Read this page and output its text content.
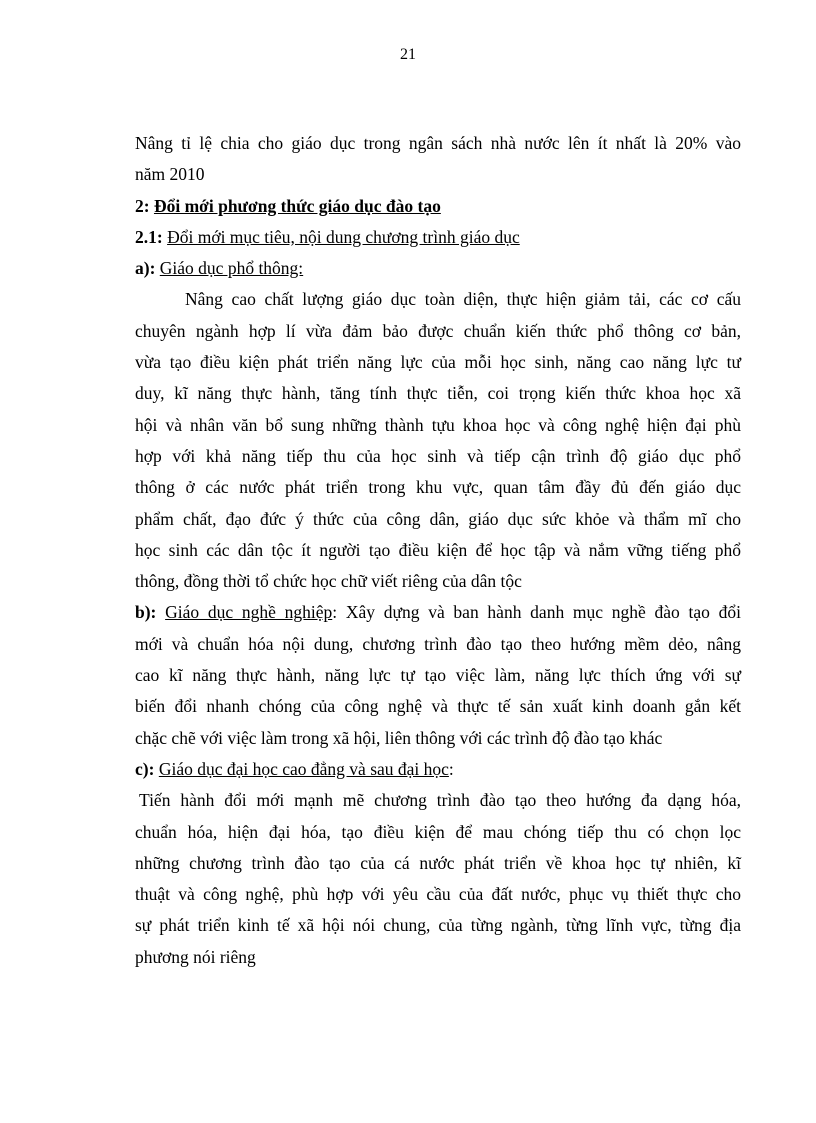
21
Nâng tỉ lệ chia cho giáo dục trong ngân sách nhà nước lên ít nhất là 20% vào
năm 2010
2: Đổi mới phương thức giáo dục đào tạo
2.1: Đổi mới mục tiêu, nội dung chương trình giáo dục
a): Giáo dục phổ thông:
Nâng cao chất lượng giáo dục toàn diện, thực hiện giảm tải, các cơ cấu
chuyên ngành hợp lí vừa đảm bảo được chuẩn kiến thức phổ thông cơ bản,
vừa tạo điều kiện phát triển năng lực của mỗi học sinh, năng cao năng lực tư
duy, kĩ năng thực hành, tăng tính thực tiễn, coi trọng kiến thức khoa học xã
hội và nhân văn bổ sung những thành tựu khoa học và công nghệ hiện đại phù
hợp với khả năng tiếp thu của học sinh và tiếp cận trình độ giáo dục phổ
thông ở các nước phát triển trong khu vực, quan tâm đầy đủ đến giáo dục
phẩm chất, đạo đức ý thức của công dân, giáo dục sức khỏe và thẩm mĩ cho
học sinh các dân tộc ít người tạo điều kiện để học tập và nắm vững tiếng phổ
thông, đồng thời tổ chức học chữ viết riêng của dân tộc
b): Giáo dục nghề nghiệp: Xây dựng và ban hành danh mục nghề đào tạo đổi
mới và chuẩn hóa nội dung, chương trình đào tạo theo hướng mềm dẻo, nâng
cao kĩ năng thực hành, năng lực tự tạo việc làm, năng lực thích ứng với sự
biến đổi nhanh chóng của công nghệ và thực tế sản xuất kinh doanh gắn kết
chặc chẽ với việc làm trong xã hội, liên thông với các trình độ đào tạo khác
c): Giáo dục đại học cao đẳng và sau đại học:
Tiến hành đổi mới mạnh mẽ chương trình đào tạo theo hướng đa dạng hóa,
chuẩn hóa, hiện đại hóa, tạo điều kiện để mau chóng tiếp thu có chọn lọc
những chương trình đào tạo của cá nước phát triển về khoa học tự nhiên, kĩ
thuật và công nghệ, phù hợp với yêu cầu của đất nước, phục vụ thiết thực cho
sự phát triển kinh tế xã hội nói chung, của từng ngành, từng lĩnh vực, từng địa
phương nói riêng
